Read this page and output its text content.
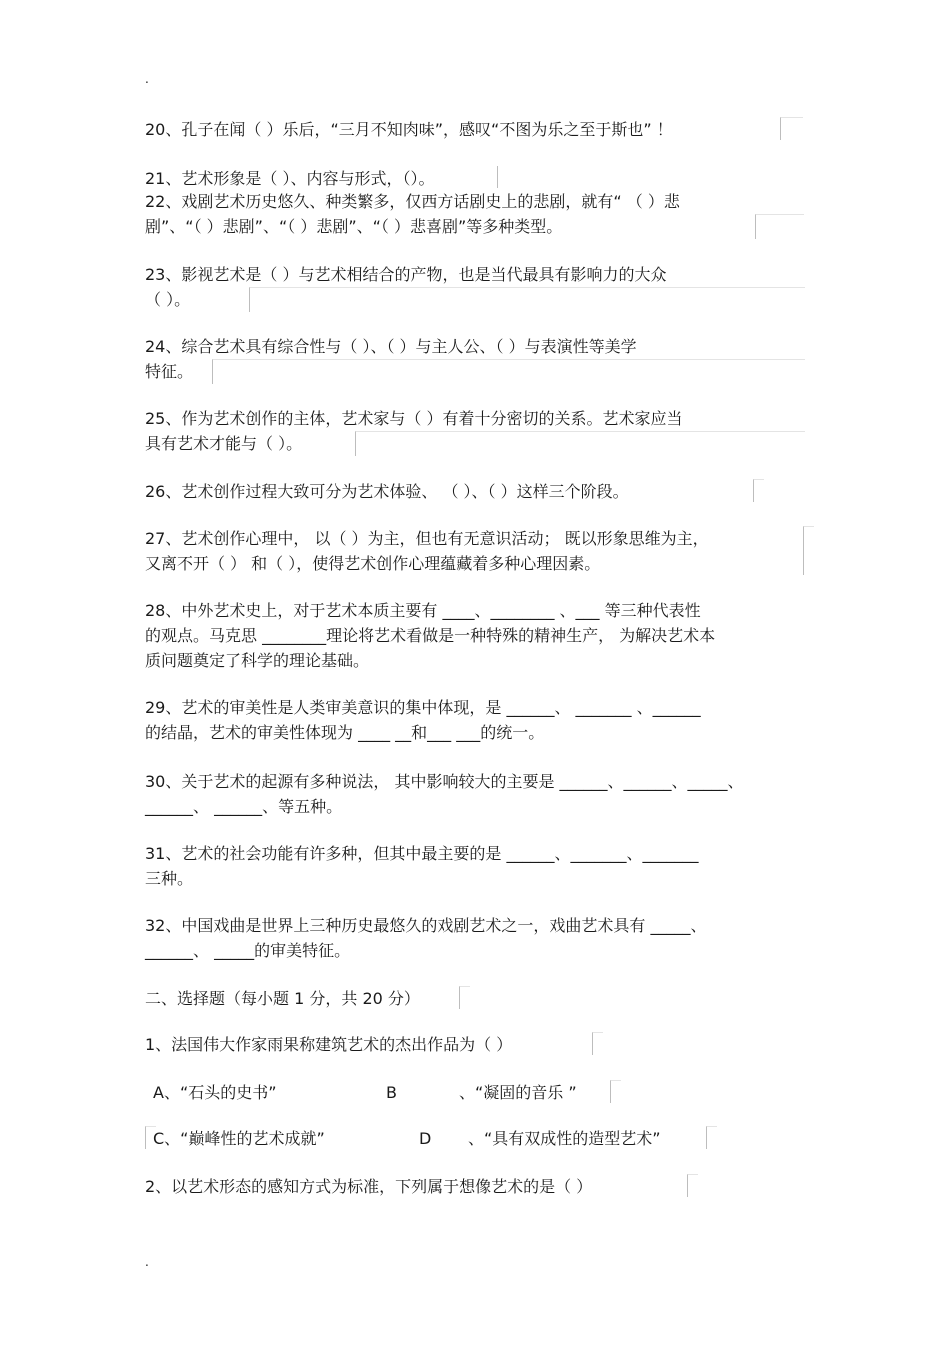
.
20、孔子在闻（ ）乐后，“三月不知肉味”，感叹“不图为乐之至于斯也” ！
21、艺术形象是（ ）、内容与形式，（）。
22、戏剧艺术历史悠久、种类繁多，仅西方话剧史上的悲剧，就有“ （ ）悲
剧”、“（ ）悲剧”、“（ ）悲剧”、“（ ）悲喜剧”等多种类型。
23、影视艺术是（ ）与艺术相结合的产物，也是当代最具有影响力的大众
（ ）。
24、综合艺术具有综合性与（ ）、（ ）与主人公、（ ）与表演性等美学
特征。
25、作为艺术创作的主体，艺术家与（ ）有着十分密切的关系。艺术家应当
具有艺术才能与（ ）。
26、艺术创作过程大致可分为艺术体验、 （ ）、（ ）这样三个阶段。
27、艺术创作心理中， 以（ ）为主，但也有无意识活动； 既以形象思维为主，
又离不开（ ） 和（ ），使得艺术创作心理蕴藏着多种心理因素。
28、中外艺术史上，对于艺术本质主要有 ____、________ 、___ 等三种代表性
的观点。马克思 ________理论将艺术看做是一种特殊的精神生产， 为解决艺术本
质问题奠定了科学的理论基础。
29、艺术的审美性是人类审美意识的集中体现，是 ______、 _______ 、______
的结晶，艺术的审美性体现为 ____ __和___ ___的统一。
30、关于艺术的起源有多种说法， 其中影响较大的主要是 ______、______、_____、
______、 ______、等五种。
31、艺术的社会功能有许多种，但其中最主要的是 ______、_______、_______
三种。
32、中国戏曲是世界上三种历史最悠久的戏剧艺术之一，戏曲艺术具有 _____、
______、 _____的审美特征。
二、选择题（每小题 1 分，共 20 分）
1、法国伟大作家雨果称建筑艺术的杰出作品为（ ）
A、“石头的史书”	B	、“凝固的音乐 ”
C、“巅峰性的艺术成就”	D 、“具有双成性的造型艺术”
2、以艺术形态的感知方式为标准，下列属于想像艺术的是（ ）
.
